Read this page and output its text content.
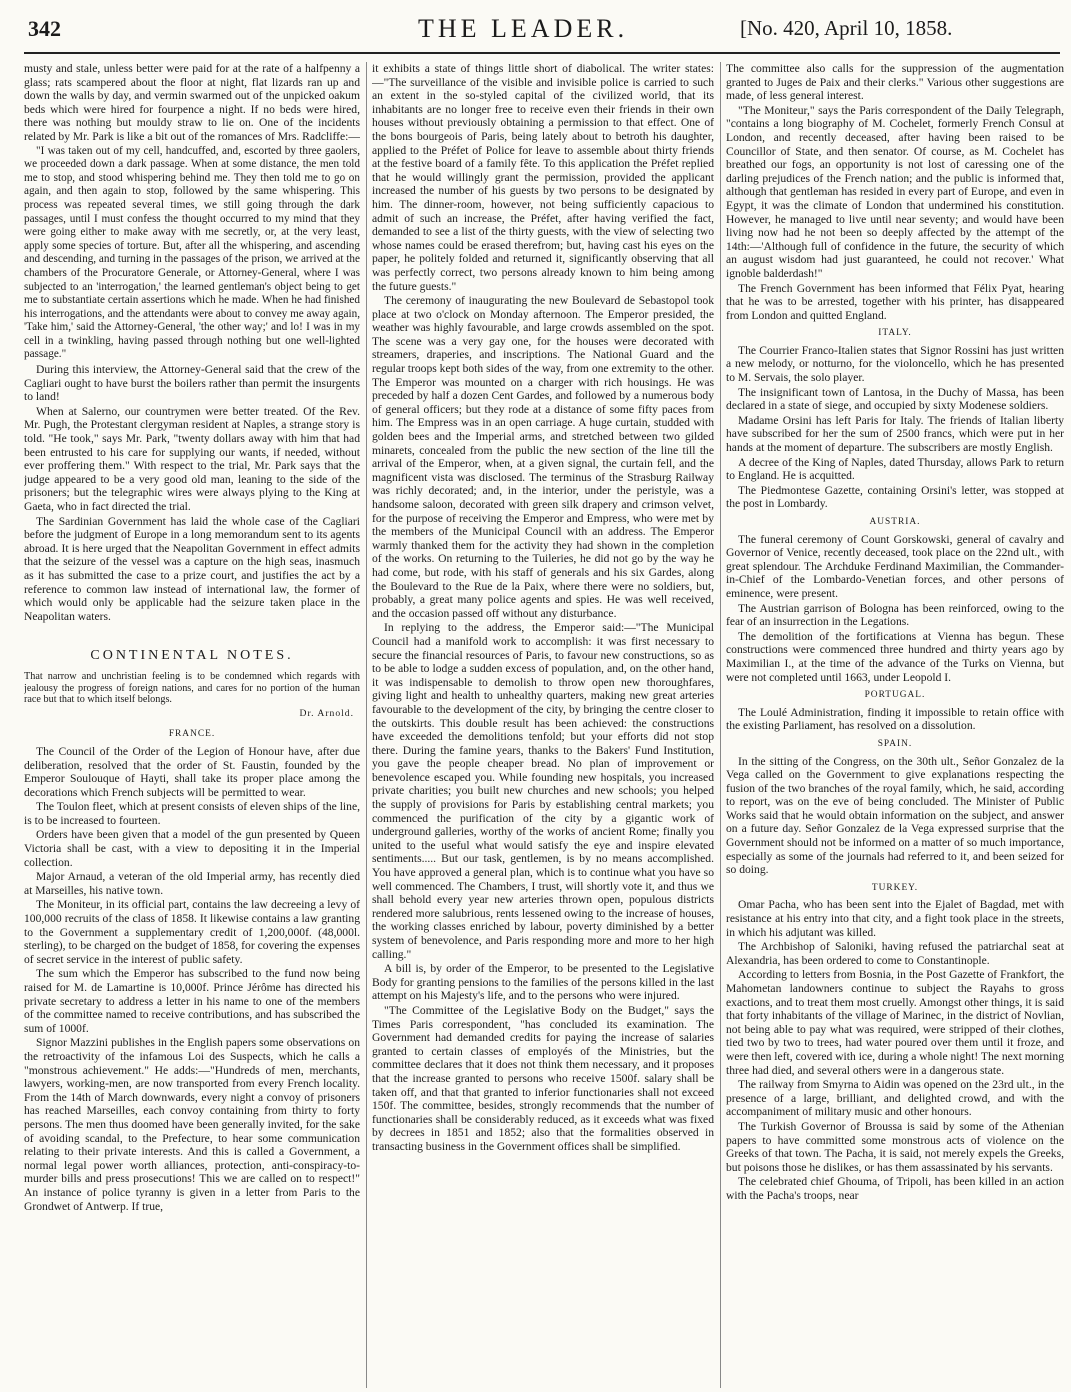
342	THE LEADER.	[No. 420, April 10, 1858.

musty and stale, unless better were paid for at the rate of a halfpenny a glass; rats scampered about the floor at night, flat lizards ran up and down the walls by day, and vermin swarmed out of the unpicked oakum beds which were hired for fourpence a night. If no beds were hired, there was nothing but mouldy straw to lie on. One of the incidents related by Mr. Park is like a bit out of the romances of Mrs. Radcliffe:—

"I was taken out of my cell, handcuffed, and, escorted by three gaolers, we proceeded down a dark passage. When at some distance, the men told me to stop, and stood whispering behind me. They then told me to go on again, and then again to stop, followed by the same whispering. This process was repeated several times, we still going through the dark passages, until I must confess the thought occurred to my mind that they were going either to make away with me secretly, or, at the very least, apply some species of torture. But, after all the whispering, and ascending and descending, and turning in the passages of the prison, we arrived at the chambers of the Procuratore Generale, or Attorney-General, where I was subjected to an 'interrogation,' the learned gentleman's object being to get me to substantiate certain assertions which he made. When he had finished his interrogations, and the attendants were about to convey me away again, 'Take him,' said the Attorney-General, 'the other way;' and lo! I was in my cell in a twinkling, having passed through nothing but one well-lighted passage."

During this interview, the Attorney-General said that the crew of the Cagliari ought to have burst the boilers rather than permit the insurgents to land!

When at Salerno, our countrymen were better treated. Of the Rev. Mr. Pugh, the Protestant clergyman resident at Naples, a strange story is told. "He took," says Mr. Park, "twenty dollars away with him that had been entrusted to his care for supplying our wants, if needed, without ever proffering them." With respect to the trial, Mr. Park says that the judge appeared to be a very good old man, leaning to the side of the prisoners; but the telegraphic wires were always plying to the King at Gaeta, who in fact directed the trial.

The Sardinian Government has laid the whole case of the Cagliari before the judgment of Europe in a long memorandum sent to its agents abroad. It is here urged that the Neapolitan Government in effect admits that the seizure of the vessel was a capture on the high seas, inasmuch as it has submitted the case to a prize court, and justifies the act by a reference to common law instead of international law, the former of which would only be applicable had the seizure taken place in the Neapolitan waters.

CONTINENTAL NOTES.

That narrow and unchristian feeling is to be condemned which regards with jealousy the progress of foreign nations, and cares for no portion of the human race but that to which itself belongs.

Dr. Arnold.
FRANCE.

The Council of the Order of the Legion of Honour have, after due deliberation, resolved that the order of St. Faustin, founded by the Emperor Soulouque of Hayti, shall take its proper place among the decorations which French subjects will be permitted to wear.

The Toulon fleet, which at present consists of eleven ships of the line, is to be increased to fourteen.

Orders have been given that a model of the gun presented by Queen Victoria shall be cast, with a view to depositing it in the Imperial collection.

Major Arnaud, a veteran of the old Imperial army, has recently died at Marseilles, his native town.

The Moniteur, in its official part, contains the law decreeing a levy of 100,000 recruits of the class of 1858. It likewise contains a law granting to the Government a supplementary credit of 1,200,000f. (48,000l. sterling), to be charged on the budget of 1858, for covering the expenses of secret service in the interest of public safety.

The sum which the Emperor has subscribed to the fund now being raised for M. de Lamartine is 10,000f. Prince Jérôme has directed his private secretary to address a letter in his name to one of the members of the committee named to receive contributions, and has subscribed the sum of 1000f.

Signor Mazzini publishes in the English papers some observations on the retroactivity of the infamous Loi des Suspects, which he calls a "monstrous achievement." He adds:—"Hundreds of men, merchants, lawyers, working-men, are now transported from every French locality. From the 14th of March downwards, every night a convoy of prisoners has reached Marseilles, each convoy containing from thirty to forty persons. The men thus doomed have been generally invited, for the sake of avoiding scandal, to the Prefecture, to hear some communication relating to their private interests. And this is called a Government, a normal legal power worth alliances, protection, anti-conspiracy-to-murder bills and press prosecutions! This we are called on to respect!" An instance of police tyranny is given in a letter from Paris to the Grondwet of Antwerp. If true,

it exhibits a state of things little short of diabolical. The writer states:—"The surveillance of the visible and invisible police is carried to such an extent in the so-styled capital of the civilized world, that its inhabitants are no longer free to receive even their friends in their own houses without previously obtaining a permission to that effect. One of the bons bourgeois of Paris, being lately about to betroth his daughter, applied to the Préfet of Police for leave to assemble about thirty friends at the festive board of a family fête. To this application the Préfet replied that he would willingly grant the permission, provided the applicant increased the number of his guests by two persons to be designated by him. The dinner-room, however, not being sufficiently capacious to admit of such an increase, the Préfet, after having verified the fact, demanded to see a list of the thirty guests, with the view of selecting two whose names could be erased therefrom; but, having cast his eyes on the paper, he politely folded and returned it, significantly observing that all was perfectly correct, two persons already known to him being among the future guests."

The ceremony of inaugurating the new Boulevard de Sebastopol took place at two o'clock on Monday afternoon. The Emperor presided, the weather was highly favourable, and large crowds assembled on the spot. The scene was a very gay one, for the houses were decorated with streamers, draperies, and inscriptions. The National Guard and the regular troops kept both sides of the way, from one extremity to the other. The Emperor was mounted on a charger with rich housings. He was preceded by half a dozen Cent Gardes, and followed by a numerous body of general officers; but they rode at a distance of some fifty paces from him. The Empress was in an open carriage. A huge curtain, studded with golden bees and the Imperial arms, and stretched between two gilded minarets, concealed from the public the new section of the line till the arrival of the Emperor, when, at a given signal, the curtain fell, and the magnificent vista was disclosed. The terminus of the Strasburg Railway was richly decorated; and, in the interior, under the peristyle, was a handsome saloon, decorated with green silk drapery and crimson velvet, for the purpose of receiving the Emperor and Empress, who were met by the members of the Municipal Council with an address. The Emperor warmly thanked them for the activity they had shown in the completion of the works. On returning to the Tuileries, he did not go by the way he had come, but rode, with his staff of generals and his six Gardes, along the Boulevard to the Rue de la Paix, where there were no soldiers, but, probably, a great many police agents and spies. He was well received, and the occasion passed off without any disturbance.

In replying to the address, the Emperor said:—"The Municipal Council had a manifold work to accomplish: it was first necessary to secure the financial resources of Paris, to favour new constructions, so as to be able to lodge a sudden excess of population, and, on the other hand, it was indispensable to demolish to throw open new thoroughfares, giving light and health to unhealthy quarters, making new great arteries favourable to the development of the city, by bringing the centre closer to the outskirts. This double result has been achieved: the constructions have exceeded the demolitions tenfold; but your efforts did not stop there. During the famine years, thanks to the Bakers' Fund Institution, you gave the people cheaper bread. No plan of improvement or benevolence escaped you. While founding new hospitals, you increased private charities; you built new churches and new schools; you helped the supply of provisions for Paris by establishing central markets; you commenced the purification of the city by a gigantic work of underground galleries, worthy of the works of ancient Rome; finally you united to the useful what would satisfy the eye and inspire elevated sentiments..... But our task, gentlemen, is by no means accomplished. You have approved a general plan, which is to continue what you have so well commenced. The Chambers, I trust, will shortly vote it, and thus we shall behold every year new arteries thrown open, populous districts rendered more salubrious, rents lessened owing to the increase of houses, the working classes enriched by labour, poverty diminished by a better system of benevolence, and Paris responding more and more to her high calling."

A bill is, by order of the Emperor, to be presented to the Legislative Body for granting pensions to the families of the persons killed in the last attempt on his Majesty's life, and to the persons who were injured.

"The Committee of the Legislative Body on the Budget," says the Times Paris correspondent, "has concluded its examination. The Government had demanded credits for paying the increase of salaries granted to certain classes of employés of the Ministries, but the committee declares that it does not think them necessary, and it proposes that the increase granted to persons who receive 1500f. salary shall be taken off, and that that granted to inferior functionaries shall not exceed 150f. The committee, besides, strongly recommends that the number of functionaries shall be considerably reduced, as it exceeds what was fixed by decrees in 1851 and 1852; also that the formalities observed in transacting business in the Government offices shall be simplified.

The committee also calls for the suppression of the augmentation granted to Juges de Paix and their clerks." Various other suggestions are made, of less general interest.

"The Moniteur," says the Paris correspondent of the Daily Telegraph, "contains a long biography of M. Cochelet, formerly French Consul at London, and recently deceased, after having been raised to be Councillor of State, and then senator. Of course, as M. Cochelet has breathed our fogs, an opportunity is not lost of caressing one of the darling prejudices of the French nation; and the public is informed that, although that gentleman has resided in every part of Europe, and even in Egypt, it was the climate of London that undermined his constitution. However, he managed to live until near seventy; and would have been living now had he not been so deeply affected by the attempt of the 14th:—'Although full of confidence in the future, the security of which an august wisdom had just guaranteed, he could not recover.' What ignoble balderdash!"

The French Government has been informed that Félix Pyat, hearing that he was to be arrested, together with his printer, has disappeared from London and quitted England.

ITALY.

The Courrier Franco-Italien states that Signor Rossini has just written a new melody, or notturno, for the violoncello, which he has presented to M. Servais, the solo player.

The insignificant town of Lantosa, in the Duchy of Massa, has been declared in a state of siege, and occupied by sixty Modenese soldiers.

Madame Orsini has left Paris for Italy. The friends of Italian liberty have subscribed for her the sum of 2500 francs, which were put in her hands at the moment of departure. The subscribers are mostly English.

A decree of the King of Naples, dated Thursday, allows Park to return to England. He is acquitted.

The Piedmontese Gazette, containing Orsini's letter, was stopped at the post in Lombardy.

AUSTRIA.

The funeral ceremony of Count Gorskowski, general of cavalry and Governor of Venice, recently deceased, took place on the 22nd ult., with great splendour. The Archduke Ferdinand Maximilian, the Commander-in-Chief of the Lombardo-Venetian forces, and other persons of eminence, were present.

The Austrian garrison of Bologna has been reinforced, owing to the fear of an insurrection in the Legations.

The demolition of the fortifications at Vienna has begun. These constructions were commenced three hundred and thirty years ago by Maximilian I., at the time of the advance of the Turks on Vienna, but were not completed until 1663, under Leopold I.

PORTUGAL.

The Loulé Administration, finding it impossible to retain office with the existing Parliament, has resolved on a dissolution.

SPAIN.

In the sitting of the Congress, on the 30th ult., Señor Gonzalez de la Vega called on the Government to give explanations respecting the fusion of the two branches of the royal family, which, he said, according to report, was on the eve of being concluded. The Minister of Public Works said that he would obtain information on the subject, and answer on a future day. Señor Gonzalez de la Vega expressed surprise that the Government should not be informed on a matter of so much importance, especially as some of the journals had referred to it, and been seized for so doing.

TURKEY.

Omar Pacha, who has been sent into the Ejalet of Bagdad, met with resistance at his entry into that city, and a fight took place in the streets, in which his adjutant was killed.

The Archbishop of Saloniki, having refused the patriarchal seat at Alexandria, has been ordered to come to Constantinople.

According to letters from Bosnia, in the Post Gazette of Frankfort, the Mahometan landowners continue to subject the Rayahs to gross exactions, and to treat them most cruelly. Amongst other things, it is said that forty inhabitants of the village of Marinec, in the district of Novlian, not being able to pay what was required, were stripped of their clothes, tied two by two to trees, had water poured over them until it froze, and were then left, covered with ice, during a whole night! The next morning three had died, and several others were in a dangerous state.

The railway from Smyrna to Aidin was opened on the 23rd ult., in the presence of a large, brilliant, and delighted crowd, and with the accompaniment of military music and other honours.

The Turkish Governor of Broussa is said by some of the Athenian papers to have committed some monstrous acts of violence on the Greeks of that town. The Pacha, it is said, not merely expels the Greeks, but poisons those he dislikes, or has them assassinated by his servants.

The celebrated chief Ghouma, of Tripoli, has been killed in an action with the Pacha's troops, near
